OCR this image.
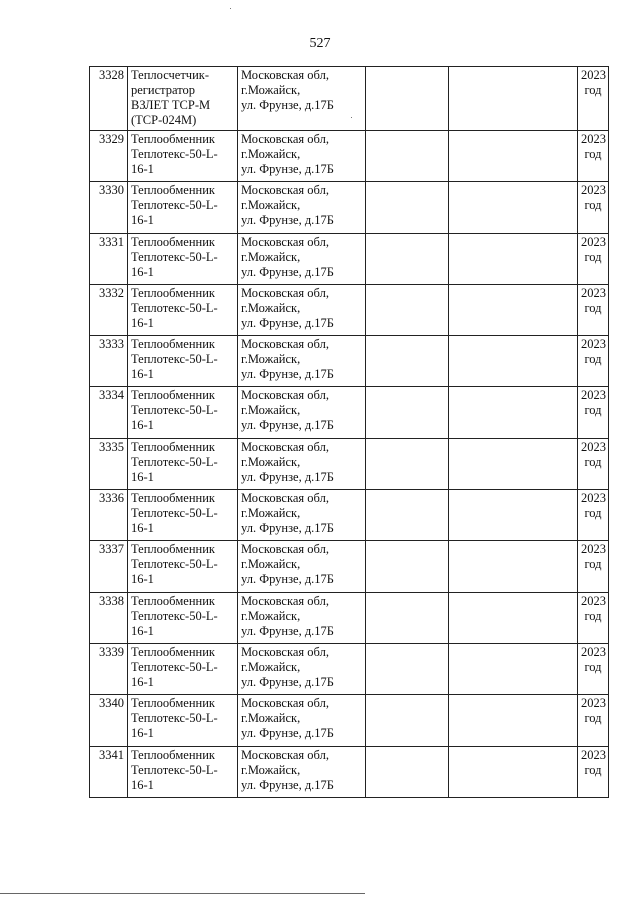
527
3328	Теплосчетчик-
регистратор
ВЗЛЕТ ТСР-М
(ТСР-024М)	Московская обл,
г.Можайск,
ул. Фрунзе, д.17Б			2023
год

3329	Теплообменник
Теплотекс-50-L-
16-1	Московская обл,
г.Можайск,
ул. Фрунзе, д.17Б			2023
год

3330	Теплообменник
Теплотекс-50-L-
16-1	Московская обл,
г.Можайск,
ул. Фрунзе, д.17Б			2023
год

3331	Теплообменник
Теплотекс-50-L-
16-1	Московская обл,
г.Можайск,
ул. Фрунзе, д.17Б			2023
год

3332	Теплообменник
Теплотекс-50-L-
16-1	Московская обл,
г.Можайск,
ул. Фрунзе, д.17Б			2023
год

3333	Теплообменник
Теплотекс-50-L-
16-1	Московская обл,
г.Можайск,
ул. Фрунзе, д.17Б			2023
год

3334	Теплообменник
Теплотекс-50-L-
16-1	Московская обл,
г.Можайск,
ул. Фрунзе, д.17Б			2023
год

3335	Теплообменник
Теплотекс-50-L-
16-1	Московская обл,
г.Можайск,
ул. Фрунзе, д.17Б			2023
год

3336	Теплообменник
Теплотекс-50-L-
16-1	Московская обл,
г.Можайск,
ул. Фрунзе, д.17Б			2023
год

3337	Теплообменник
Теплотекс-50-L-
16-1	Московская обл,
г.Можайск,
ул. Фрунзе, д.17Б			2023
год

3338	Теплообменник
Теплотекс-50-L-
16-1	Московская обл,
г.Можайск,
ул. Фрунзе, д.17Б			2023
год

3339	Теплообменник
Теплотекс-50-L-
16-1	Московская обл,
г.Можайск,
ул. Фрунзе, д.17Б			2023
год

3340	Теплообменник
Теплотекс-50-L-
16-1	Московская обл,
г.Можайск,
ул. Фрунзе, д.17Б			2023
год

3341	Теплообменник
Теплотекс-50-L-
16-1	Московская обл,
г.Можайск,
ул. Фрунзе, д.17Б			2023
год
